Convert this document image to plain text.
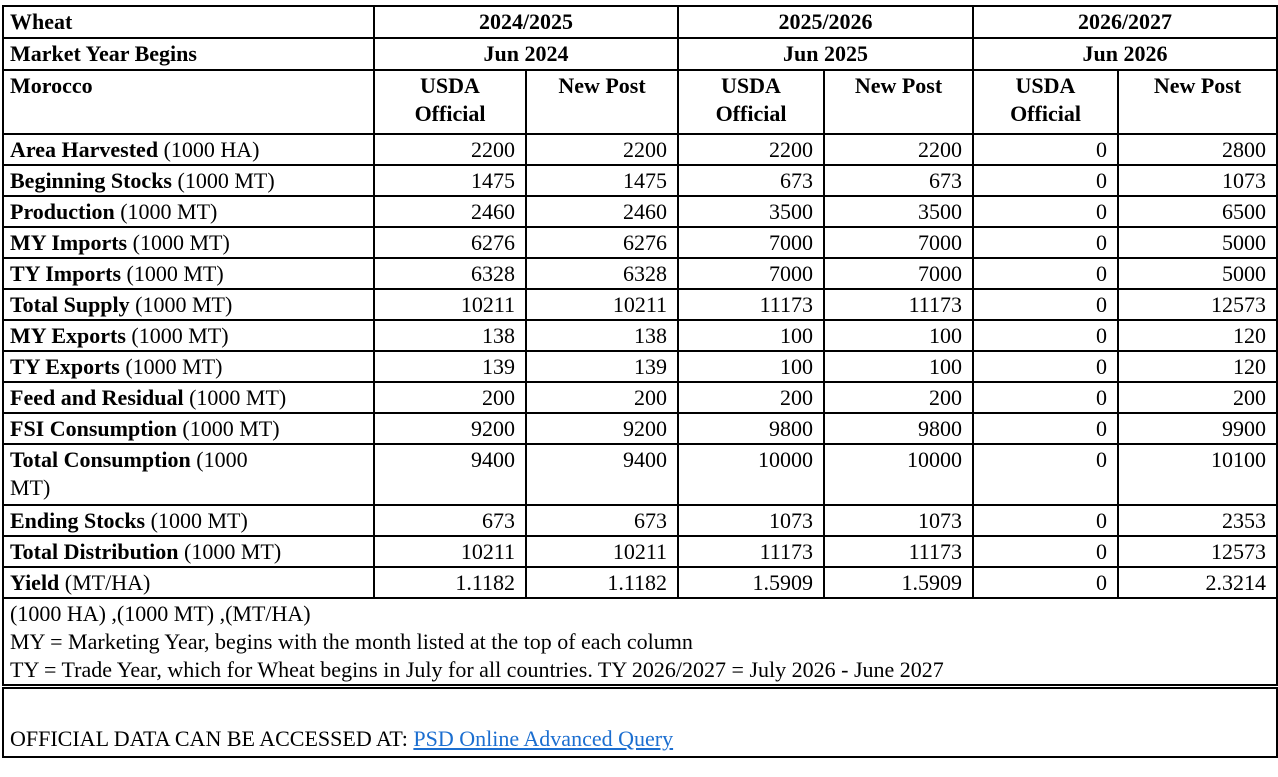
Wheat	2024/2025		2025/2026		2026/2027	
Market Year Begins	Jun 2024		Jun 2025		Jun 2026	
Morocco	USDA Official	New Post	USDA Official	New Post	USDA Official	New Post
Area Harvested (1000 HA)	2200	2200	2200	2200	0	2800
Beginning Stocks (1000 MT)	1475	1475	673	673	0	1073
Production (1000 MT)	2460	2460	3500	3500	0	6500
MY Imports (1000 MT)	6276	6276	7000	7000	0	5000
TY Imports (1000 MT)	6328	6328	7000	7000	0	5000
Total Supply (1000 MT)	10211	10211	11173	11173	0	12573
MY Exports (1000 MT)	138	138	100	100	0	120
TY Exports (1000 MT)	139	139	100	100	0	120
Feed and Residual (1000 MT)	200	200	200	200	0	200
FSI Consumption (1000 MT)	9200	9200	9800	9800	0	9900
Total Consumption (1000 MT)	9400	9400	10000	10000	0	10100
Ending Stocks (1000 MT)	673	673	1073	1073	0	2353
Total Distribution (1000 MT)	10211	10211	11173	11173	0	12573
Yield (MT/HA)	1.1182	1.1182	1.5909	1.5909	0	2.3214

(1000 HA) ,(1000 MT) ,(MT/HA)
MY = Marketing Year, begins with the month listed at the top of each column
TY = Trade Year, which for Wheat begins in July for all countries. TY 2026/2027 = July 2026 - June 2027						

OFFICIAL DATA CAN BE ACCESSED AT: PSD Online Advanced Query						
